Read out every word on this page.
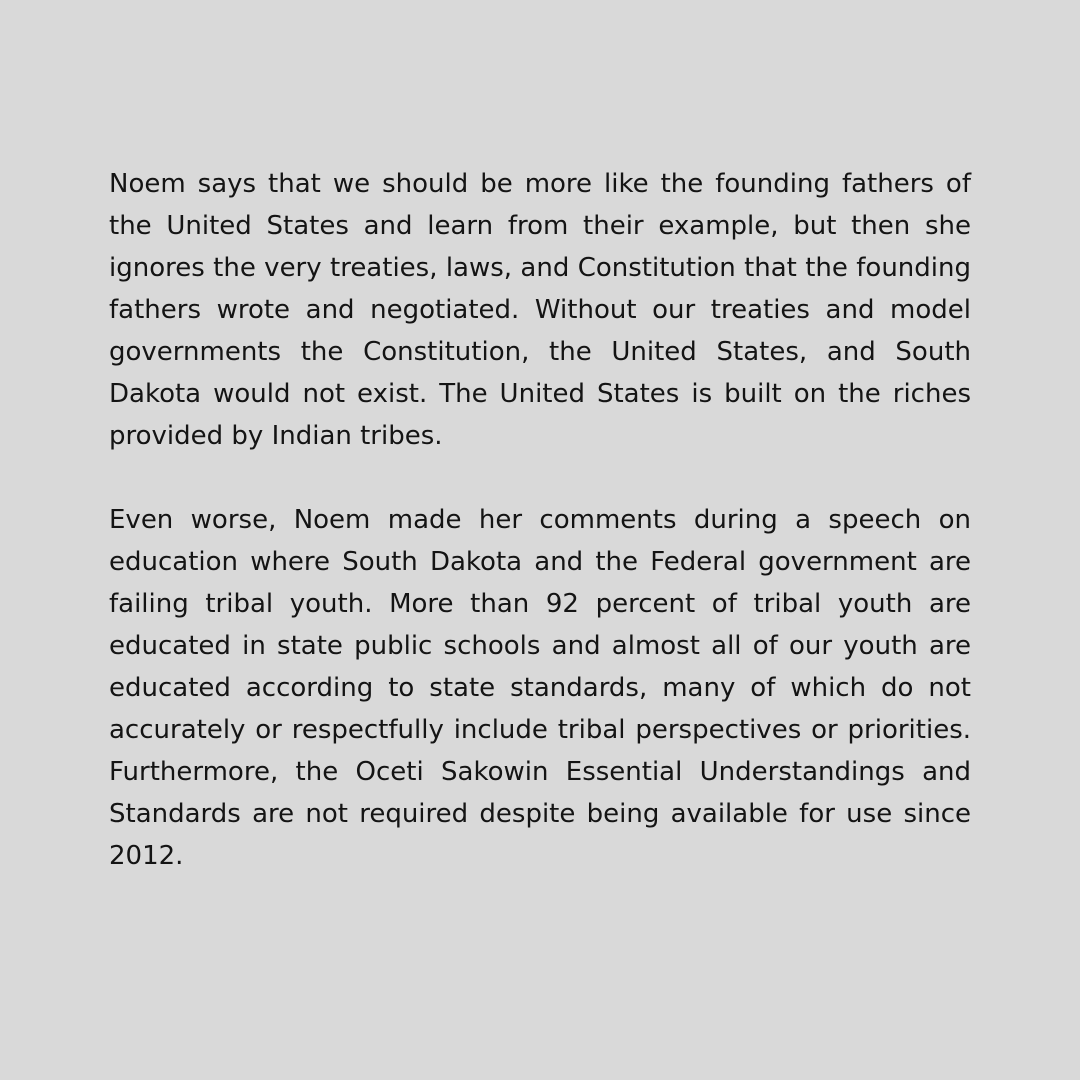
Noem says that we should be more like the founding fathers of the United States and learn from their example, but then she ignores the very treaties, laws, and Constitution that the founding fathers wrote and negotiated. Without our treaties and model governments the Constitution, the United States, and South Dakota would not exist. The United States is built on the riches provided by Indian tribes.

Even worse, Noem made her comments during a speech on education where South Dakota and the Federal government are failing tribal youth. More than 92 percent of tribal youth are educated in state public schools and almost all of our youth are educated according to state standards, many of which do not accurately or respectfully include tribal perspectives or priorities. Furthermore, the Oceti Sakowin Essential Understandings and Standards are not required despite being available for use since 2012.
